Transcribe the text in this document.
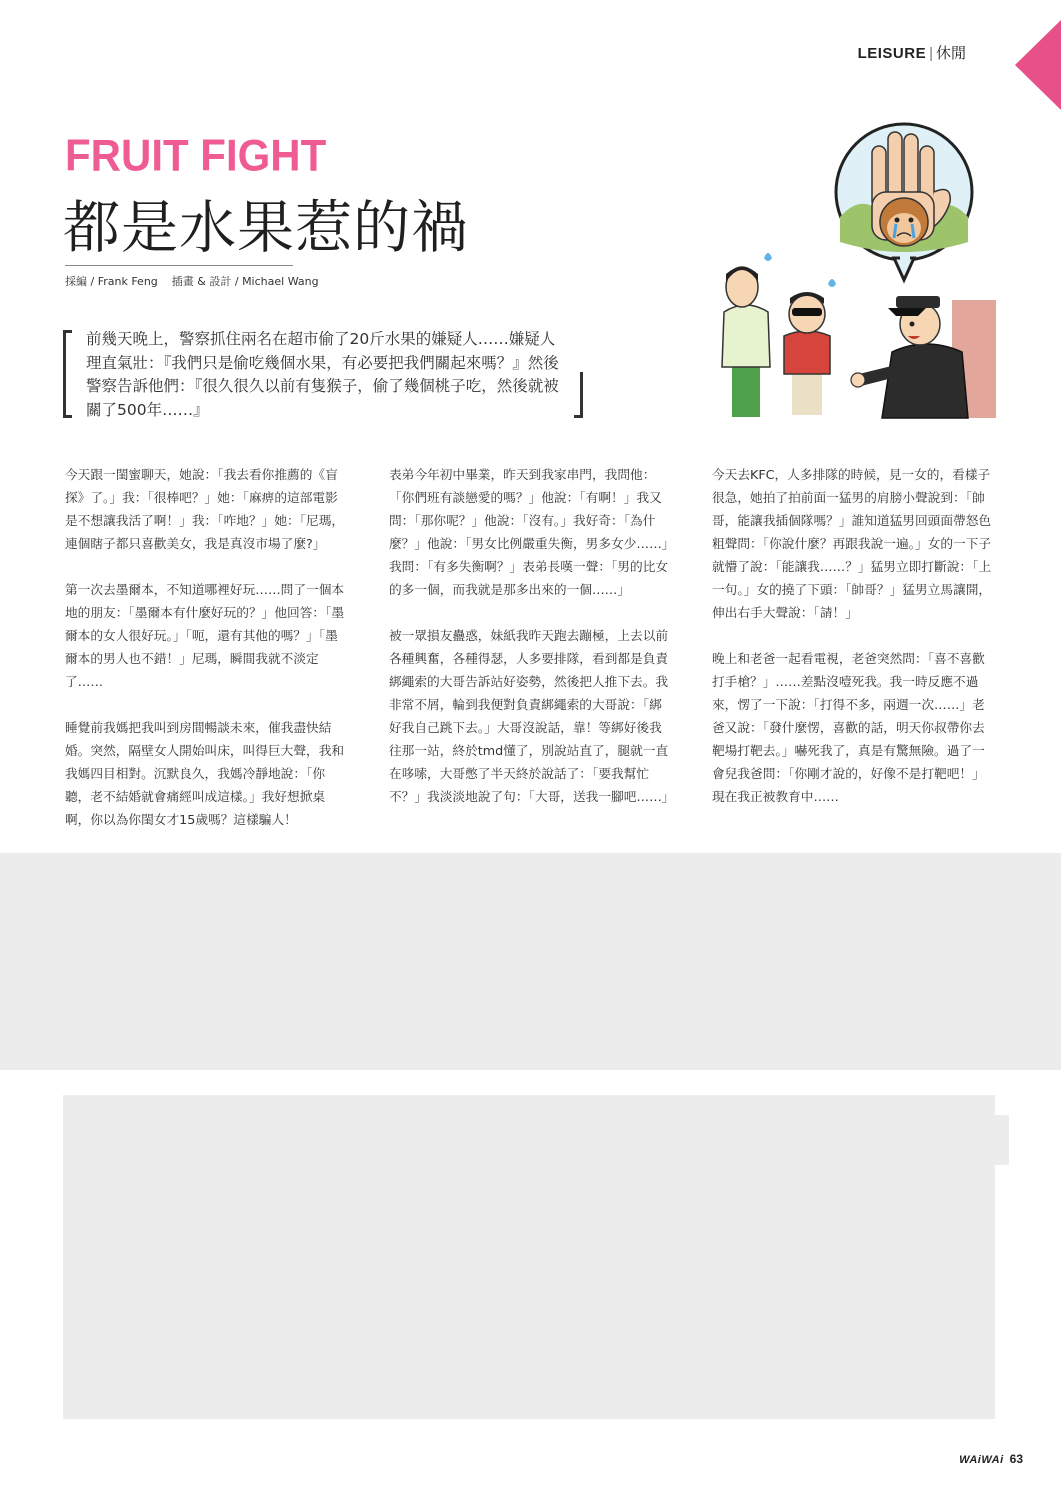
LEISURE | 休閒
FRUIT FIGHT
都是水果惹的禍
採編 / Frank Feng 插畫 & 設計 / Michael Wang
前幾天晚上，警察抓住兩名在超市偷了20斤水果的嫌疑人……嫌疑人理直氣壯：『我們只是偷吃幾個水果，有必要把我們關起來嗎？』然後警察告訴他們：『很久很久以前有隻猴子，偷了幾個桃子吃，然後就被關了500年……』

今天跟一閨蜜聊天，她說：「我去看你推薦的《盲探》了。」我：「很棒吧？」她：「麻痹的這部電影是不想讓我活了啊！」我：「咋地？」她：「尼瑪，連個瞎子都只喜歡美女，我是真沒市場了麼?」

第一次去墨爾本，不知道哪裡好玩……問了一個本地的朋友：「墨爾本有什麼好玩的？」他回答：「墨爾本的女人很好玩。」「呃，還有其他的嗎？」「墨爾本的男人也不錯！」尼瑪，瞬間我就不淡定了……

睡覺前我媽把我叫到房間暢談未來，催我盡快結婚。突然，隔壁女人開始叫床，叫得巨大聲，我和我媽四目相對。沉默良久，我媽冷靜地說：「你聽，老不結婚就會痛經叫成這樣。」我好想掀桌啊，你以為你閨女才15歲嗎？這樣騙人！

表弟今年初中畢業，昨天到我家串門，我問他：「你們班有談戀愛的嗎？」他說：「有啊！」我又問：「那你呢？」他說：「沒有。」我好奇：「為什麼？」他說：「男女比例嚴重失衡，男多女少……」我問：「有多失衡啊？」表弟長嘆一聲：「男的比女的多一個，而我就是那多出來的一個……」

被一眾損友蠱惑，妹紙我昨天跑去蹦極，上去以前各種興奮，各種得瑟，人多要排隊，看到都是負責綁繩索的大哥告訴站好姿勢，然後把人推下去。我非常不屑，輪到我便對負責綁繩索的大哥說：「綁好我自己跳下去。」大哥沒說話，靠！等綁好後我往那一站，終於tmd懂了，別說站直了，腿就一直在哆嗦，大哥憋了半天終於說話了：「要我幫忙不？」我淡淡地說了句：「大哥，送我一腳吧……」

今天去KFC，人多排隊的時候，見一女的，看樣子很急，她拍了拍前面一猛男的肩膀小聲說到：「帥哥，能讓我插個隊嗎？」誰知道猛男回頭面帶怒色粗聲問：「你說什麼？再跟我說一遍。」女的一下子就懵了說：「能讓我……？」猛男立即打斷說：「上一句。」女的撓了下頭：「帥哥？」猛男立馬讓開，伸出右手大聲說：「請！」

晚上和老爸一起看電視，老爸突然問：「喜不喜歡打手槍？」……差點沒噎死我。我一時反應不過來，愣了一下說：「打得不多，兩週一次……」老爸又說：「發什麼愣，喜歡的話，明天你叔帶你去靶場打靶去。」嚇死我了，真是有驚無險。過了一會兒我爸問：「你剛才說的，好像不是打靶吧！」現在我正被教育中……

WAiWAi 63
